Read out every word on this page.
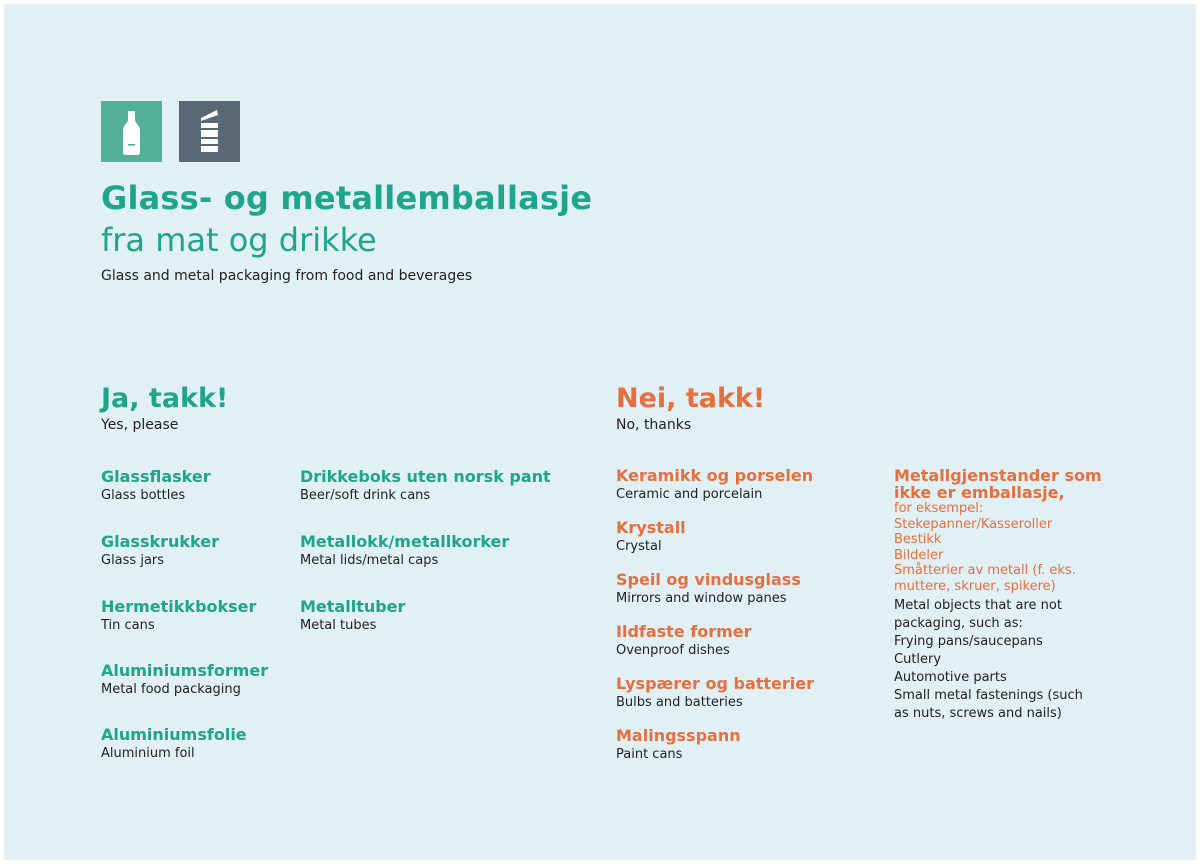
Glass- og metallemballasje
fra mat og drikke
Glass and metal packaging from food and beverages
Ja, takk!
Yes, please
Glassflasker
Glass bottles
Glasskrukker
Glass jars
Hermetikkbokser
Tin cans
Aluminiumsformer
Metal food packaging
Aluminiumsfolie
Aluminium foil
Drikkeboks uten norsk pant
Beer/soft drink cans
Metallokk/metallkorker
Metal lids/metal caps
Metalltuber
Metal tubes
Nei, takk!
No, thanks
Keramikk og porselen
Ceramic and porcelain
Krystall
Crystal
Speil og vindusglass
Mirrors and window panes
Ildfaste former
Ovenproof dishes
Lyspærer og batterier
Bulbs and batteries
Malingsspann
Paint cans
Metallgjenstander som
ikke er emballasje,
for eksempel:
Stekepanner/Kasseroller
Bestikk
Bildeler
Småtterier av metall (f. eks.
muttere, skruer, spikere)
Metal objects that are not
packaging, such as:
Frying pans/saucepans
Cutlery
Automotive parts
Small metal fastenings (such
as nuts, screws and nails)
